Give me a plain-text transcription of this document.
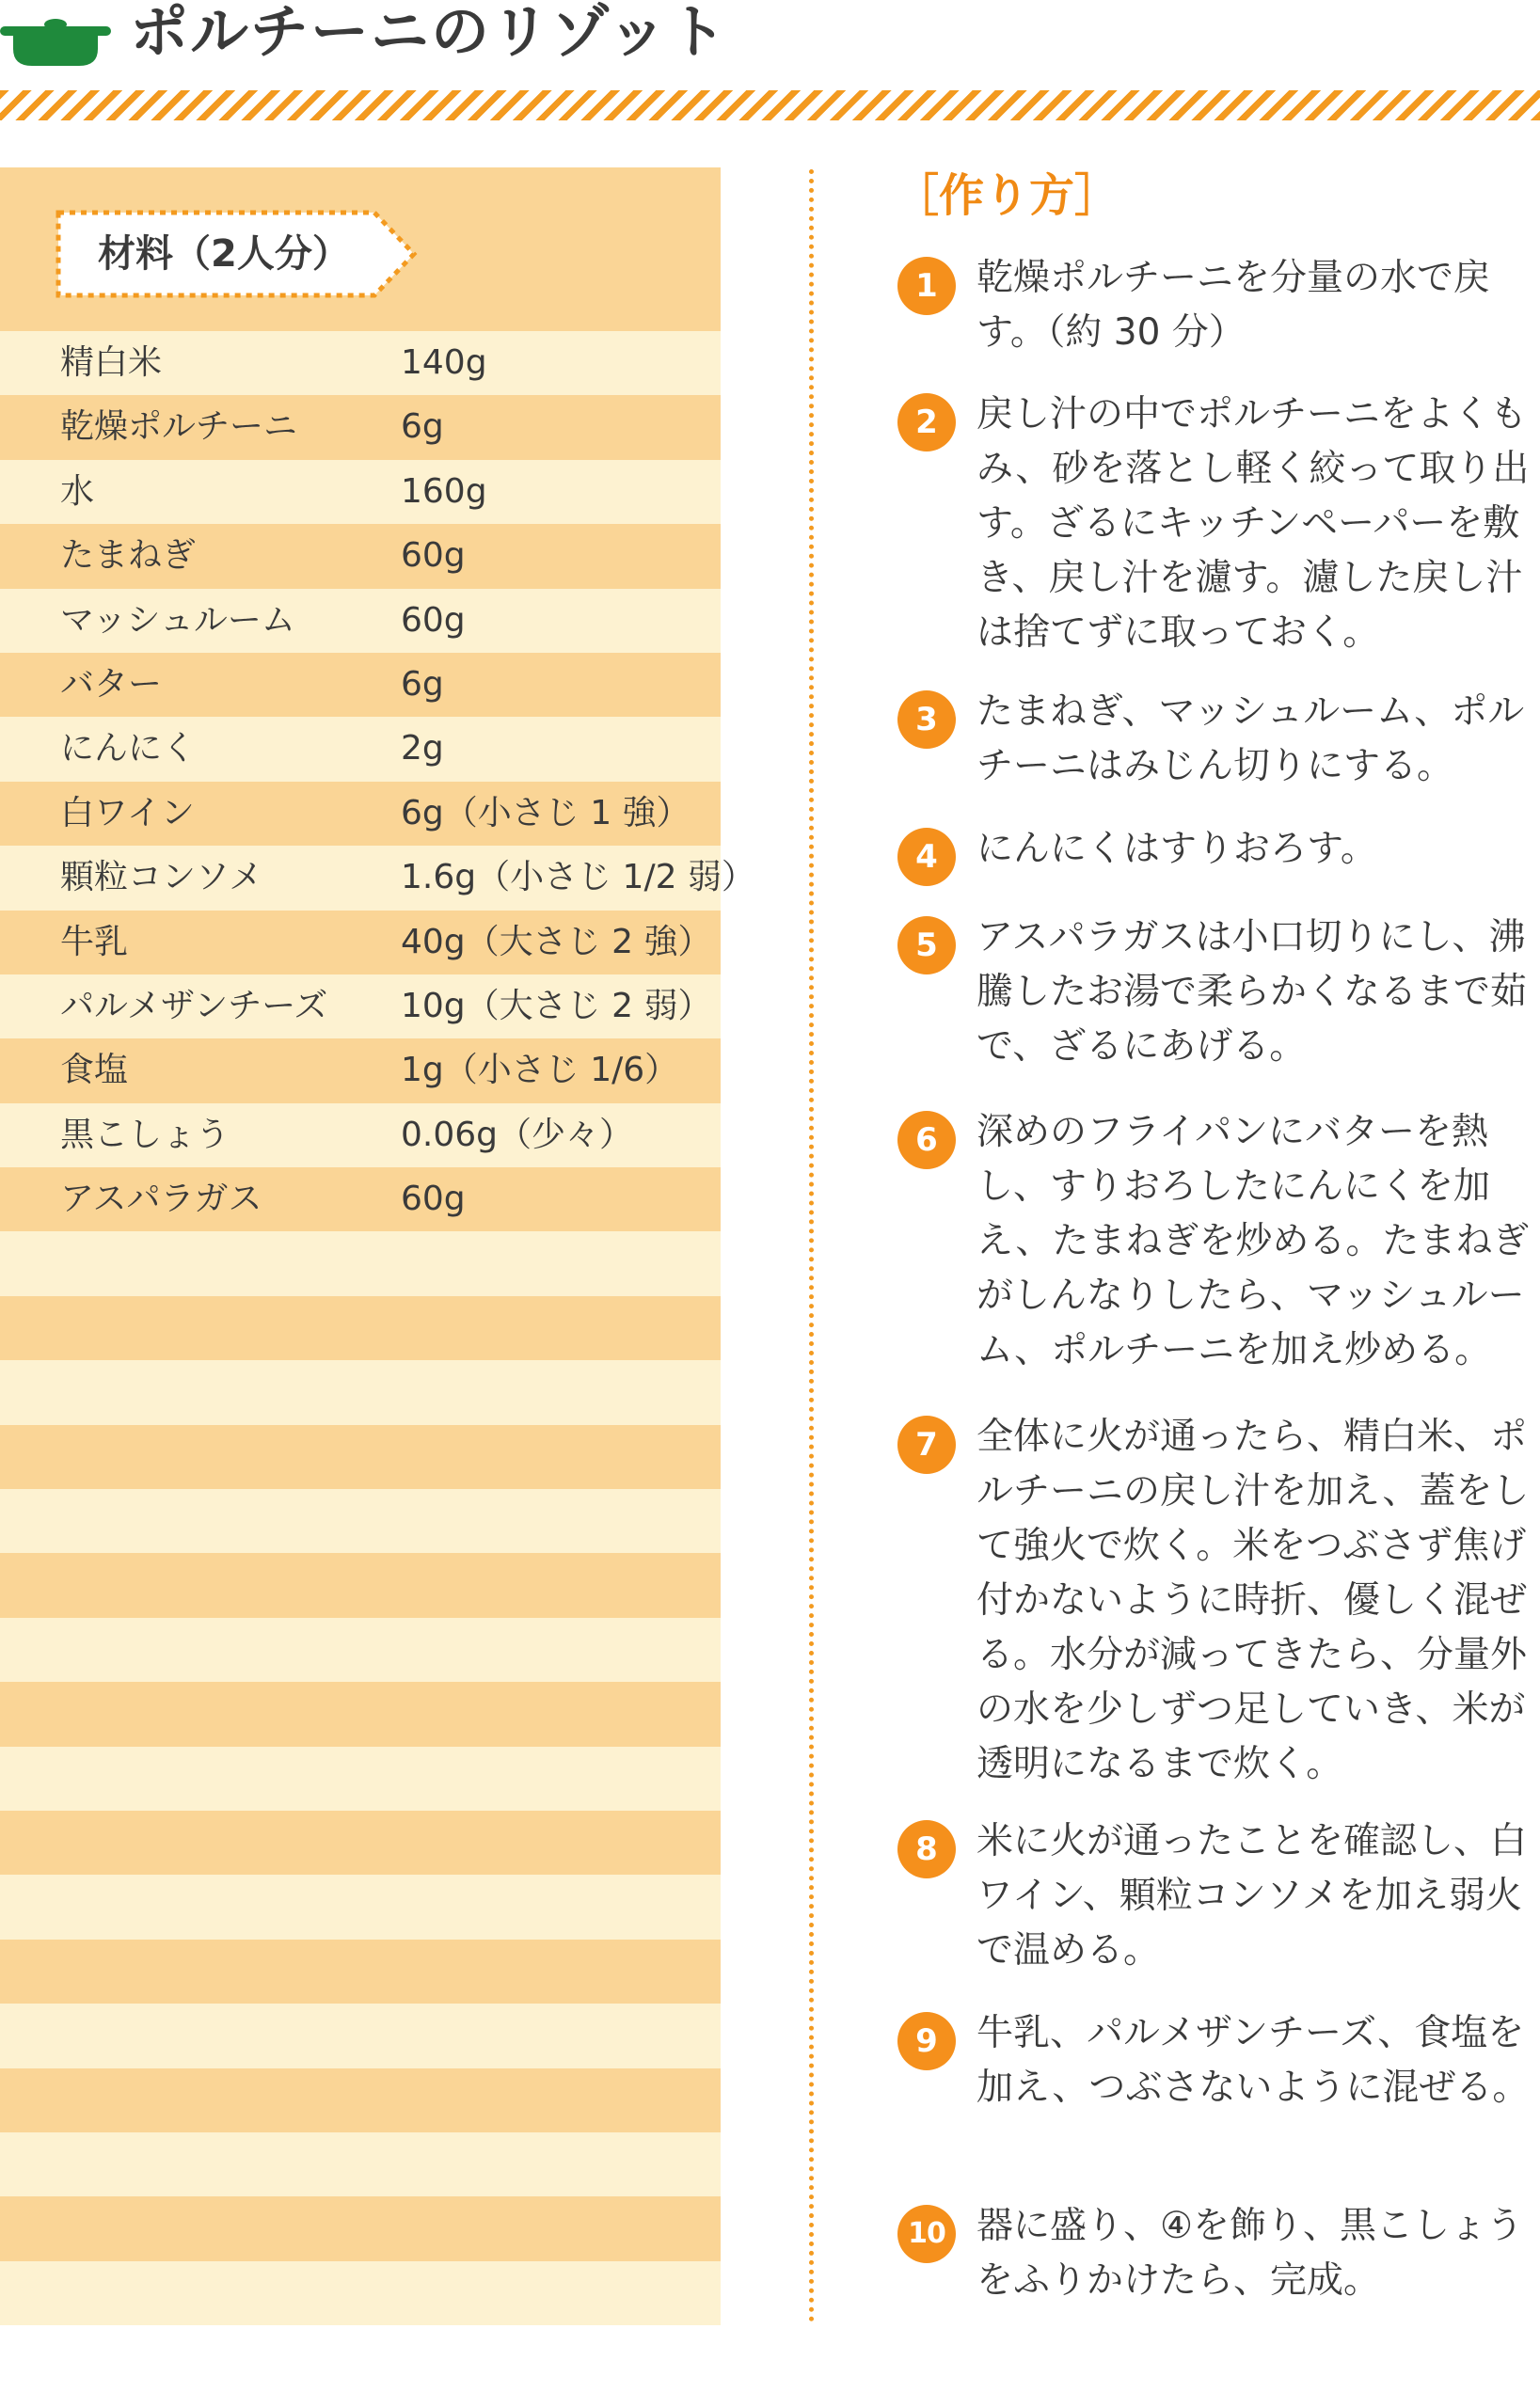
ポルチーニのリゾット
材料（2人分）
精白米	140g
乾燥ポルチーニ	6g
水	160g
たまねぎ	60g
マッシュルーム	60g
バター	6g
にんにく	2g
白ワイン	6g（小さじ 1 強）
顆粒コンソメ	1.6g（小さじ 1/2 弱）
牛乳	40g（大さじ 2 強）
パルメザンチーズ 10g（大さじ 2 弱）
食塩	1g（小さじ 1/6）
黒こしょう	0.06g（少々）
アスパラガス	60g
［作り方］
1	乾燥ポルチーニを分量の水で戻す。（約 30 分）
2	戻し汁の中でポルチーニをよくもみ、砂を落とし軽く絞って取り出す。ざるにキッチンペーパーを敷き、戻し汁を濾す。濾した戻し汁は捨てずに取っておく。
3	たまねぎ、マッシュルーム、ポルチーニはみじん切りにする。
4	にんにくはすりおろす。
5	アスパラガスは小口切りにし、沸騰したお湯で柔らかくなるまで茹で、ざるにあげる。
6	深めのフライパンにバターを熱し、すりおろしたにんにくを加え、たまねぎを炒める。たまねぎがしんなりしたら、マッシュルーム、ポルチーニを加え炒める。
7	全体に火が通ったら、精白米、ポルチーニの戻し汁を加え、蓋をして強火で炊く。米をつぶさず焦げ付かないように時折、優しく混ぜる。水分が減ってきたら、分量外の水を少しずつ足していき、米が透明になるまで炊く。
8	米に火が通ったことを確認し、白ワイン、顆粒コンソメを加え弱火で温める。
9	牛乳、パルメザンチーズ、食塩を加え、つぶさないように混ぜる。
10 器に盛り、④を飾り、黒こしょうをふりかけたら、完成。
